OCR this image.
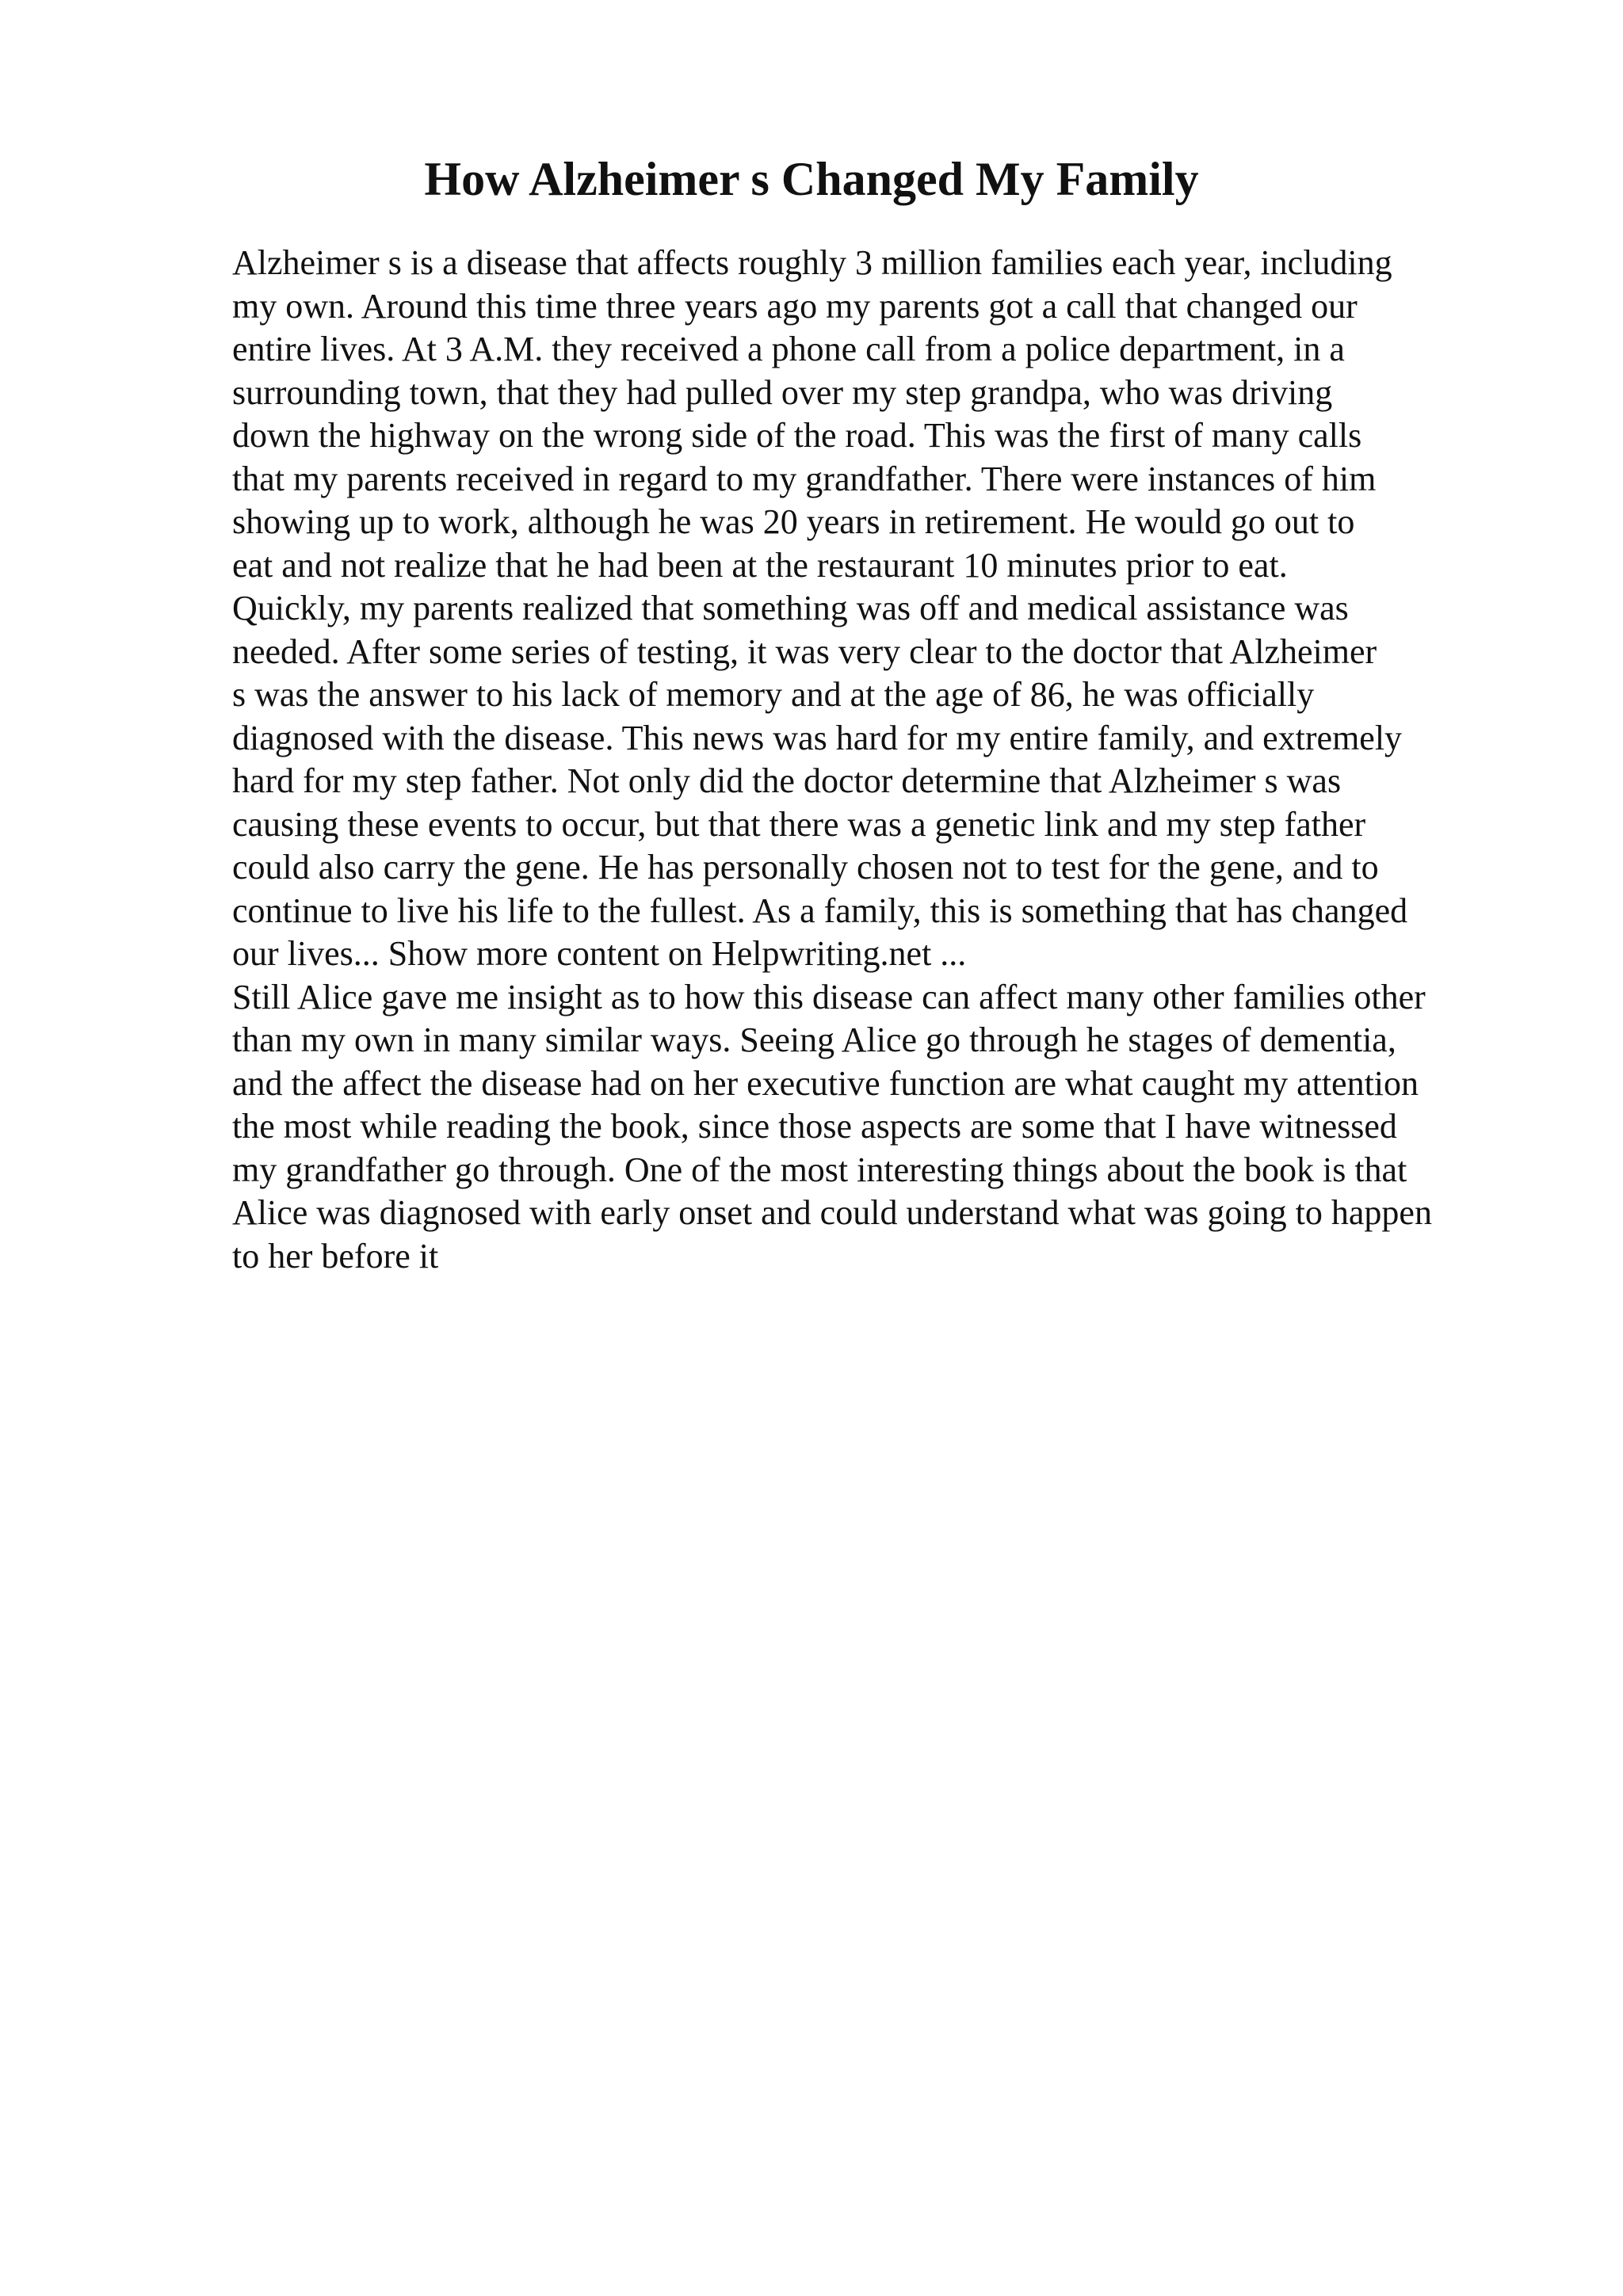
How Alzheimer s Changed My Family
Alzheimer s is a disease that affects roughly 3 million families each year, including
my own. Around this time three years ago my parents got a call that changed our
entire lives. At 3 A.M. they received a phone call from a police department, in a
surrounding town, that they had pulled over my step grandpa, who was driving
down the highway on the wrong side of the road. This was the first of many calls
that my parents received in regard to my grandfather. There were instances of him
showing up to work, although he was 20 years in retirement. He would go out to
eat and not realize that he had been at the restaurant 10 minutes prior to eat.
Quickly, my parents realized that something was off and medical assistance was
needed. After some series of testing, it was very clear to the doctor that Alzheimer
s was the answer to his lack of memory and at the age of 86, he was officially
diagnosed with the disease. This news was hard for my entire family, and extremely
hard for my step father. Not only did the doctor determine that Alzheimer s was
causing these events to occur, but that there was a genetic link and my step father
could also carry the gene. He has personally chosen not to test for the gene, and to
continue to live his life to the fullest. As a family, this is something that has changed
our lives... Show more content on Helpwriting.net ...
Still Alice gave me insight as to how this disease can affect many other families other
than my own in many similar ways. Seeing Alice go through he stages of dementia,
and the affect the disease had on her executive function are what caught my attention
the most while reading the book, since those aspects are some that I have witnessed
my grandfather go through. One of the most interesting things about the book is that
Alice was diagnosed with early onset and could understand what was going to happen
to her before it
